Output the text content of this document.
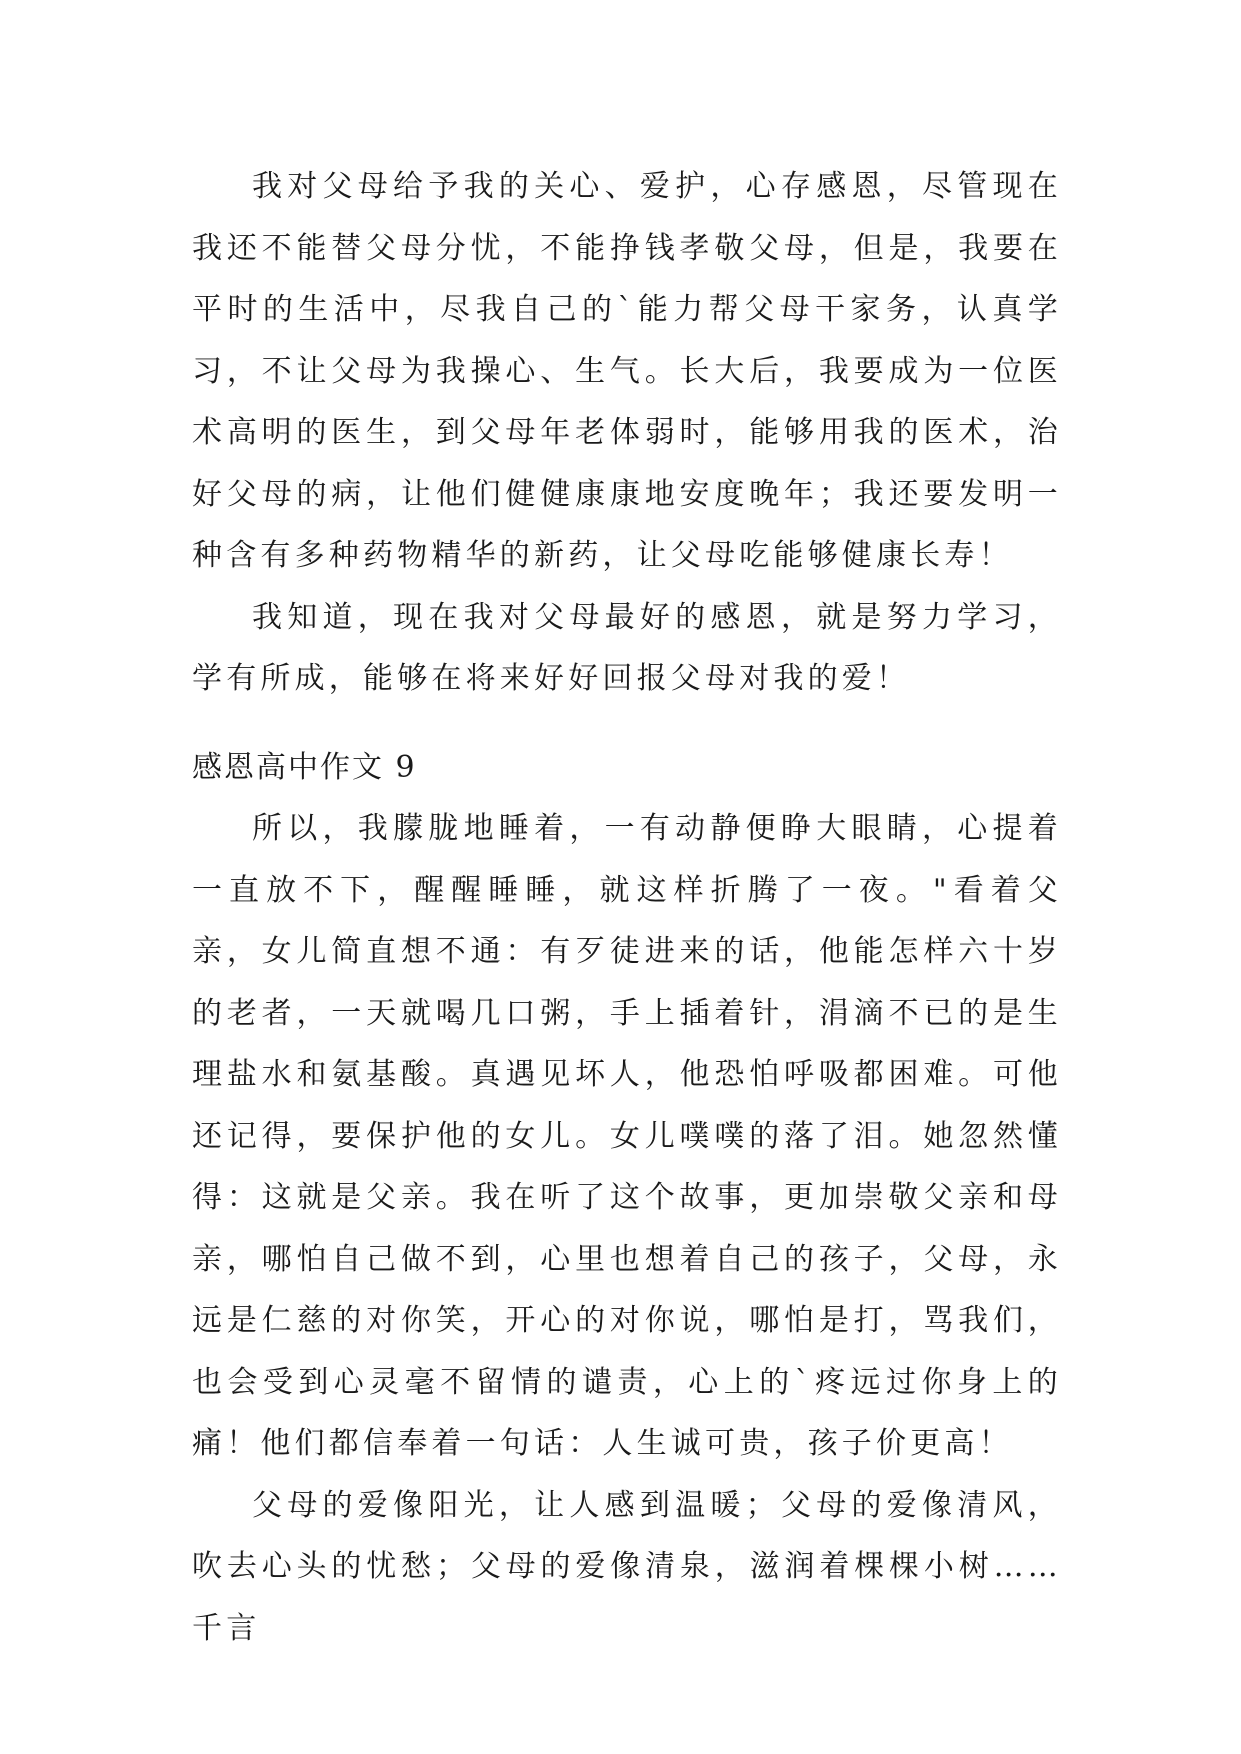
我对父母给予我的关心、爱护，心存感恩，尽管现在我还不能替父母分忧，不能挣钱孝敬父母，但是，我要在平时的生活中，尽我自己的`能力帮父母干家务，认真学习，不让父母为我操心、生气。长大后，我要成为一位医术高明的医生，到父母年老体弱时，能够用我的医术，治好父母的病，让他们健健康康地安度晚年；我还要发明一种含有多种药物精华的新药，让父母吃能够健康长寿！

我知道，现在我对父母最好的感恩，就是努力学习，学有所成，能够在将来好好回报父母对我的爱！

感恩高中作文 9

所以，我朦胧地睡着，一有动静便睁大眼睛，心提着一直放不下，醒醒睡睡，就这样折腾了一夜。"看着父亲，女儿简直想不通：有歹徒进来的话，他能怎样六十岁的老者，一天就喝几口粥，手上插着针，涓滴不已的是生理盐水和氨基酸。真遇见坏人，他恐怕呼吸都困难。可他还记得，要保护他的女儿。女儿噗噗的落了泪。她忽然懂得：这就是父亲。我在听了这个故事，更加崇敬父亲和母亲，哪怕自己做不到，心里也想着自己的孩子，父母，永远是仁慈的对你笑，开心的对你说，哪怕是打，骂我们，也会受到心灵毫不留情的谴责，心上的`疼远过你身上的痛！他们都信奉着一句话：人生诚可贵，孩子价更高！

父母的爱像阳光，让人感到温暖；父母的爱像清风，吹去心头的忧愁；父母的爱像清泉，滋润着棵棵小树……千言
